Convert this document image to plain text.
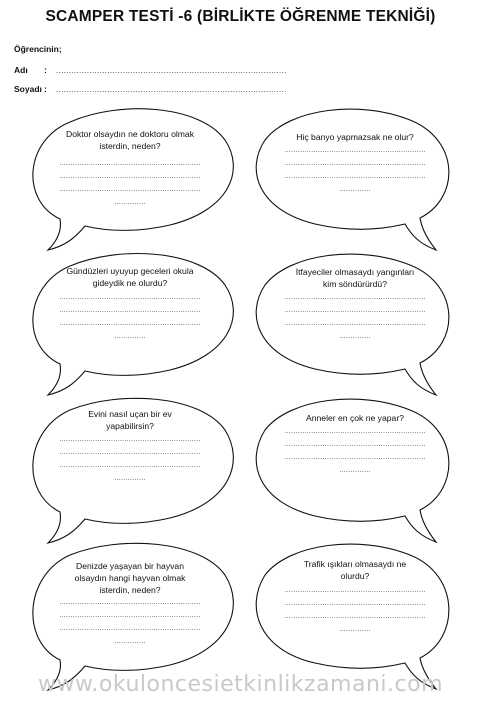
SCAMPER TESTİ -6 (BİRLİKTE ÖĞRENME TEKNİĞİ)
Öğrencinin;
Adı : ..........................................................................................
Soyadı : ..........................................................................................
Doktor olsaydın ne doktoru olmak
isterdin, neden?
...............................................................
...............................................................
...............................................................
..............
Hiç banyo yapmazsak ne olur?
...............................................................
...............................................................
...............................................................
..............
Gündüzleri uyuyup geceleri okula
gideydik ne olurdu?
...............................................................
...............................................................
...............................................................
..............
İtfayeciler olmasaydı yangınları
kim söndürürdü?
...............................................................
...............................................................
...............................................................
..............
Evini nasıl uçan bir ev
yapabilirsin?
...............................................................
...............................................................
...............................................................
..............
Anneler en çok ne yapar?
...............................................................
...............................................................
...............................................................
..............
Denizde yaşayan bir hayvan
olsaydın hangi hayvan olmak
isterdin, neden?
...............................................................
...............................................................
...............................................................
..............
Trafik ışıkları olmasaydı ne
olurdu?
...............................................................
...............................................................
...............................................................
..............
www.okuloncesietkinlikzamani.com
